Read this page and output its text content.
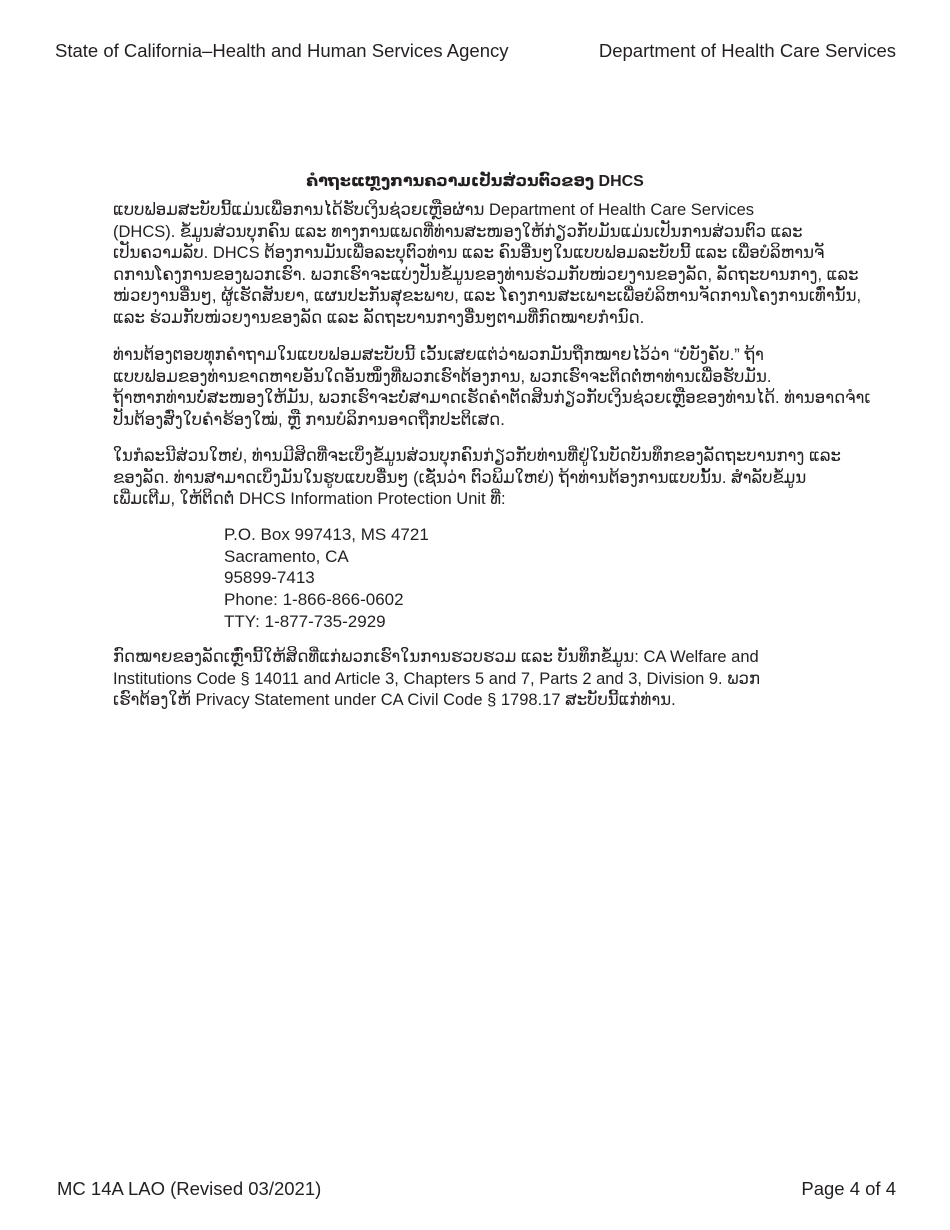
State of California–Health and Human Services Agency	Department of Health Care Services
ຄໍາຖະແຫຼງການຄວາມເປັນສ່ວນຕົວຂອງ DHCS
ແບບຟອມສະບັບນີ້ແມ່ນເພື່ອການໄດ້ຮັບເງິນຊ່ວຍເຫຼືອຜ່ານ Department of Health Care Services
(DHCS). ຂໍ້ມູນສ່ວນບຸກຄົນ ແລະ ທາງການແພດທີ່ທ່ານສະໜອງໃຫ້ກ່ຽວກັບມັນແມ່ນເປັນການສ່ວນຕົວ ແລະ
ເປັນຄວາມລັບ. DHCS ຕ້ອງການມັນເພື່ອລະບຸຕົວທ່ານ ແລະ ຄົນອື່ນໆໃນແບບຟອມລະບັບນີ້ ແລະ ເພື່ອບໍລິຫານຈັ
ດການໂຄງການຂອງພວກເຮົາ. ພວກເຮົາຈະແບ່ງປັນຂໍ້ມູນຂອງທ່ານຮ່ວມກັບໜ່ວຍງານຂອງລັດ, ລັດຖະບານກາງ, ແລະ
ໜ່ວຍງານອື່ນໆ, ຜູ້ເຮັດສັນຍາ, ແຜນປະກັນສຸຂະພາບ, ແລະ ໂຄງການສະເພາະເພື່ອບໍລິຫານຈັດການໂຄງການເທົ່ານັ້ນ,
ແລະ ຮ່ວມກັບໜ່ວຍງານຂອງລັດ ແລະ ລັດຖະບານກາງອື່ນໆຕາມທີ່ກົດໝາຍກຳນົດ.
ທ່ານຕ້ອງຕອບທຸກຄຳຖາມໃນແບບຟອມສະບັບນີ້ ເວັ້ນເສຍແຕ່ວ່າພວກມັນຖືກໝາຍໄວ້ວ່າ “ບໍ່ບັງຄັບ.” ຖ້າ
ແບບຟອມຂອງທ່ານຂາດຫາຍອັນໃດອັນໜຶ່ງທີ່ພວກເຮົາຕ້ອງການ, ພວກເຮົາຈະຕິດຕໍ່ຫາທ່ານເພື່ອຮັບມັນ.
ຖ້າຫາກທ່ານບໍ່ສະໜອງໃຫ້ມັນ, ພວກເຮົາຈະບໍ່ສາມາດເຮັດຄຳຕັດສິນກ່ຽວກັບເງິນຊ່ວຍເຫຼືອຂອງທ່ານໄດ້. ທ່ານອາດຈຳເ
ປັນຕ້ອງສົ່ງໃບຄຳຮ້ອງໃໝ່, ຫຼື ການບໍລິການອາດຖືກປະຕິເສດ.
ໃນກໍລະນີສ່ວນໃຫຍ່, ທ່ານມີສິດທີ່ຈະເບິ່ງຂໍ້ມູນສ່ວນບຸກຄົນກ່ຽວກັບທ່ານທີ່ຢູ່ໃນບັດບັນທຶກຂອງລັດຖະບານກາງ ແລະ
ຂອງລັດ. ທ່ານສາມາດເບິ່ງມັນໃນຮູບແບບອື່ນໆ (ເຊັ່ນວ່າ ຕົວພິມໃຫຍ່) ຖ້າທ່ານຕ້ອງການແບບນັ້ນ. ສຳລັບຂໍ້ມູນ
ເພີ່ມເຕີມ, ໃຫ້ຕິດຕໍ່ DHCS Information Protection Unit ທີ່:
P.O. Box 997413, MS 4721
Sacramento, CA
95899-7413
Phone: 1-866-866-0602
TTY: 1-877-735-2929
ກົດໝາຍຂອງລັດເຫຼົ່ານີ້ໃຫ້ສິດທີ່ແກ່ພວກເຮົາໃນການຮວບຮວມ ແລະ ບັນທຶກຂໍ້ມູນ: CA Welfare and
Institutions Code § 14011 and Article 3, Chapters 5 and 7, Parts 2 and 3, Division 9. ພວກ
ເຮົາຕ້ອງໃຫ້ Privacy Statement under CA Civil Code § 1798.17 ສະບັບນີ້ແກ່ທ່ານ.
MC 14A LAO (Revised 03/2021)	Page 4 of 4
